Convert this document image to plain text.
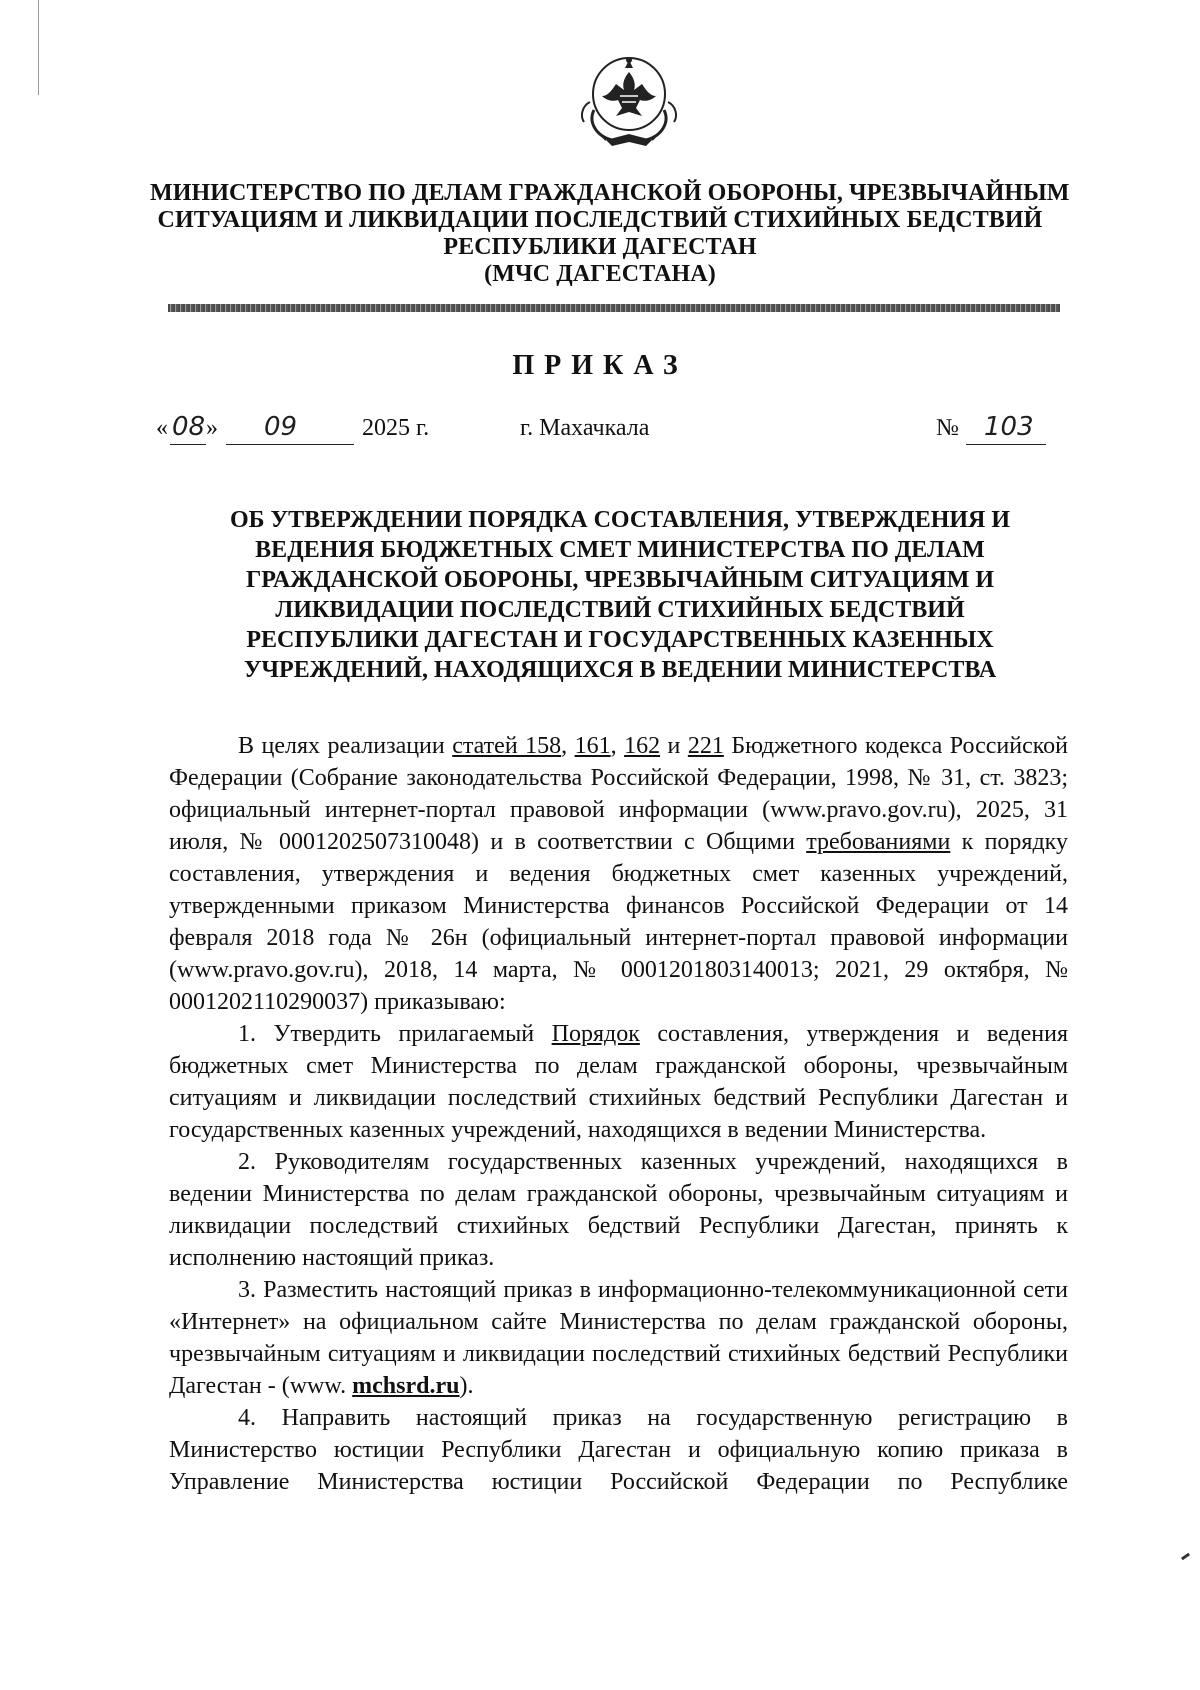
МИНИСТЕРСТВО ПО ДЕЛАМ ГРАЖДАНСКОЙ ОБОРОНЫ, ЧРЕЗВЫЧАЙНЫМ
СИТУАЦИЯМ И ЛИКВИДАЦИИ ПОСЛЕДСТВИЙ СТИХИЙНЫХ БЕДСТВИЙ
РЕСПУБЛИКИ ДАГЕСТАН
(МЧС ДАГЕСТАНА)
ПРИКАЗ
« 08 » 09	2025 г.	г. Махачкала	№ 103
ОБ УТВЕРЖДЕНИИ ПОРЯДКА СОСТАВЛЕНИЯ, УТВЕРЖДЕНИЯ И
ВЕДЕНИЯ БЮДЖЕТНЫХ СМЕТ МИНИСТЕРСТВА ПО ДЕЛАМ
ГРАЖДАНСКОЙ ОБОРОНЫ, ЧРЕЗВЫЧАЙНЫМ СИТУАЦИЯМ И
ЛИКВИДАЦИИ ПОСЛЕДСТВИЙ СТИХИЙНЫХ БЕДСТВИЙ
РЕСПУБЛИКИ ДАГЕСТАН И ГОСУДАРСТВЕННЫХ КАЗЕННЫХ
УЧРЕЖДЕНИЙ, НАХОДЯЩИХСЯ В ВЕДЕНИИ МИНИСТЕРСТВА

В целях реализации статей 158, 161, 162 и 221 Бюджетного кодекса Российской Федерации (Собрание законодательства Российской Федерации, 1998, № 31, ст. 3823; официальный интернет-портал правовой информации (www.pravo.gov.ru), 2025, 31 июля, № 0001202507310048) и в соответствии с Общими требованиями к порядку составления, утверждения и ведения бюджетных смет казенных учреждений, утвержденными приказом Министерства финансов Российской Федерации от 14 февраля 2018 года № 26н (официальный интернет-портал правовой информации (www.pravo.gov.ru), 2018, 14 марта, № 0001201803140013; 2021, 29 октября, № 0001202110290037) приказываю:

1. Утвердить прилагаемый Порядок составления, утверждения и ведения бюджетных смет Министерства по делам гражданской обороны, чрезвычайным ситуациям и ликвидации последствий стихийных бедствий Республики Дагестан и государственных казенных учреждений, находящихся в ведении Министерства.

2. Руководителям государственных казенных учреждений, находящихся в ведении Министерства по делам гражданской обороны, чрезвычайным ситуациям и ликвидации последствий стихийных бедствий Республики Дагестан, принять к исполнению настоящий приказ.

3. Разместить настоящий приказ в информационно-телекоммуникационной сети «Интернет» на официальном сайте Министерства по делам гражданской обороны, чрезвычайным ситуациям и ликвидации последствий стихийных бедствий Республики Дагестан - (www. mchsrd.ru).

4. Направить настоящий приказ на государственную регистрацию в Министерство юстиции Республики Дагестан и официальную копию приказа в Управление Министерства юстиции Российской Федерации по Республике
